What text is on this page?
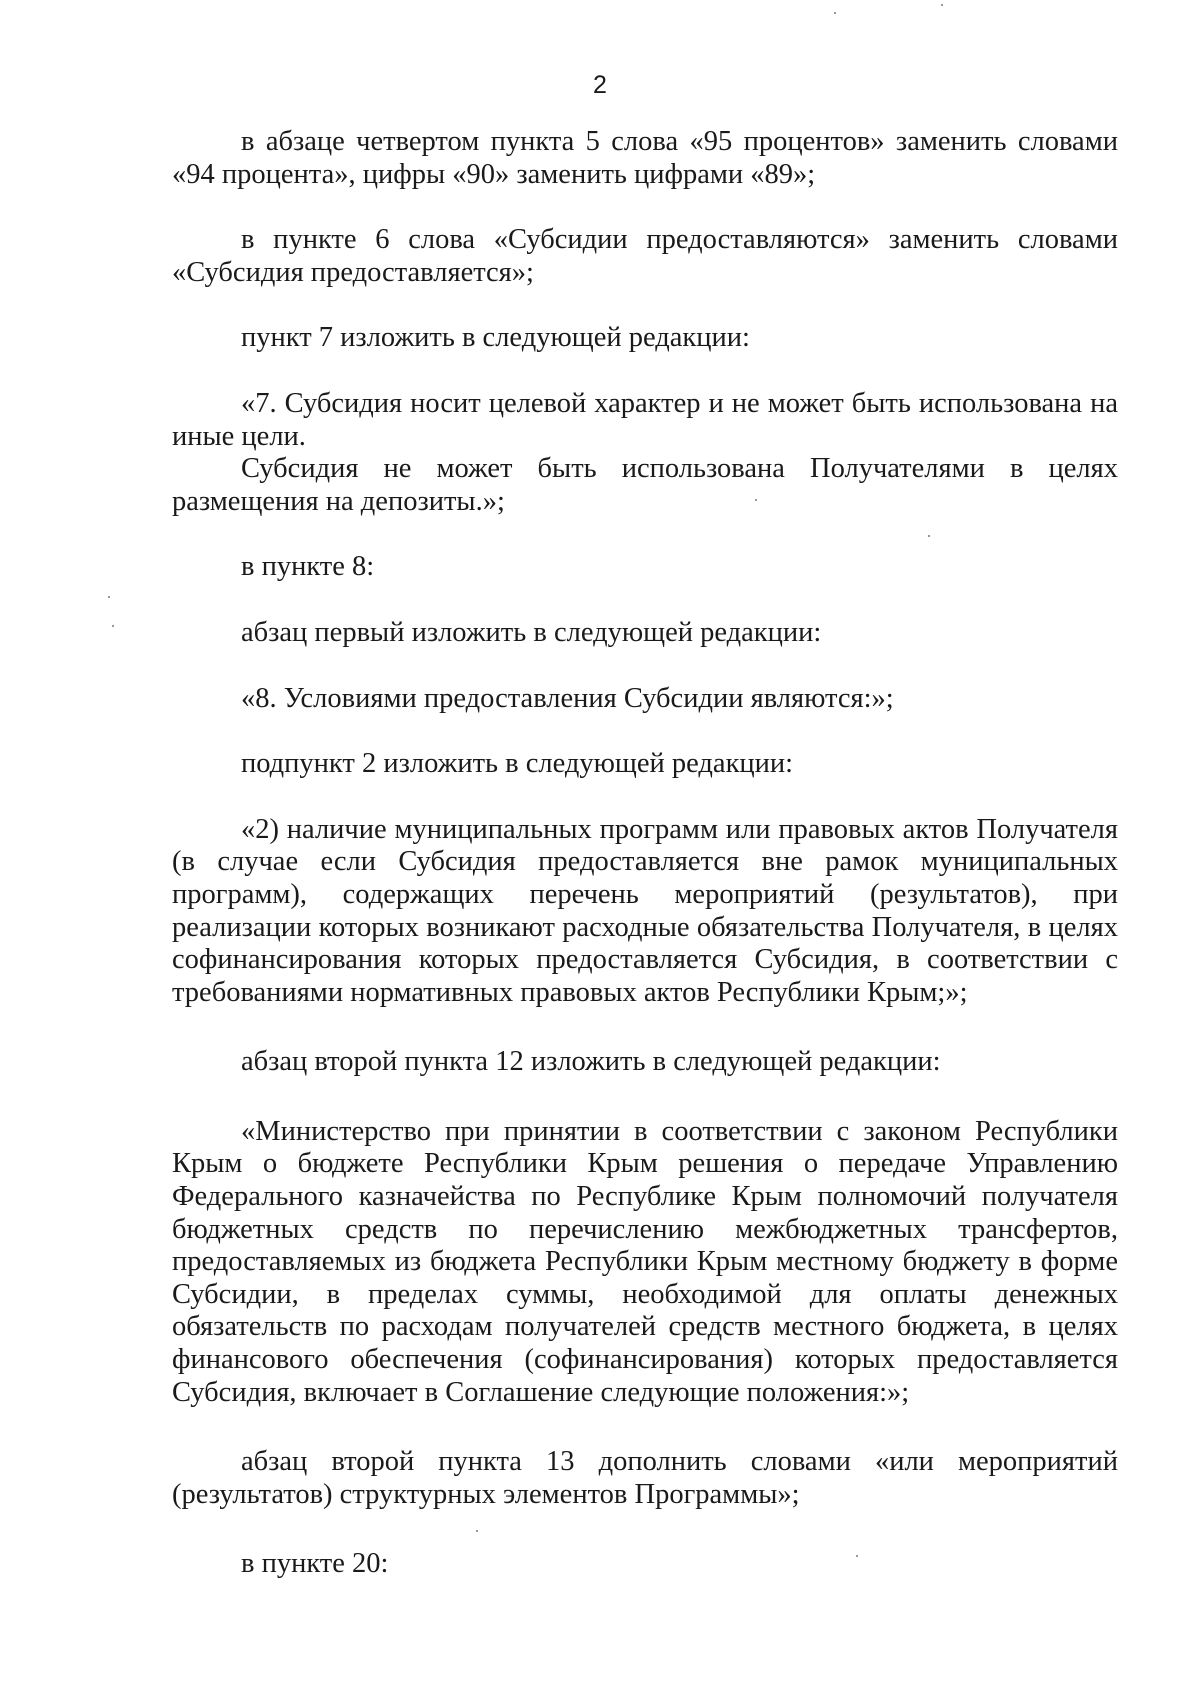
2

в абзаце четвертом пункта 5 слова «95 процентов» заменить словами «94 процента», цифры «90» заменить цифрами «89»;

в пункте 6 слова «Субсидии предоставляются» заменить словами «Субсидия предоставляется»;

пункт 7 изложить в следующей редакции:

«7. Субсидия носит целевой характер и не может быть использована на иные цели.

Субсидия не может быть использована Получателями в целях размещения на депозиты.»;

в пункте 8:

абзац первый изложить в следующей редакции:

«8. Условиями предоставления Субсидии являются:»;

подпункт 2 изложить в следующей редакции:

«2) наличие муниципальных программ или правовых актов Получателя (в случае если Субсидия предоставляется вне рамок муниципальных программ), содержащих перечень мероприятий (результатов), при реализации которых возникают расходные обязательства Получателя, в целях софинансирования которых предоставляется Субсидия, в соответствии с требованиями нормативных правовых актов Республики Крым;»;

абзац второй пункта 12 изложить в следующей редакции:

«Министерство при принятии в соответствии с законом Республики Крым о бюджете Республики Крым решения о передаче Управлению Федерального казначейства по Республике Крым полномочий получателя бюджетных средств по перечислению межбюджетных трансфертов, предоставляемых из бюджета Республики Крым местному бюджету в форме Субсидии, в пределах суммы, необходимой для оплаты денежных обязательств по расходам получателей средств местного бюджета, в целях финансового обеспечения (софинансирования) которых предоставляется Субсидия, включает в Соглашение следующие положения:»;

абзац второй пункта 13 дополнить словами «или мероприятий (результатов) структурных элементов Программы»;

в пункте 20:
